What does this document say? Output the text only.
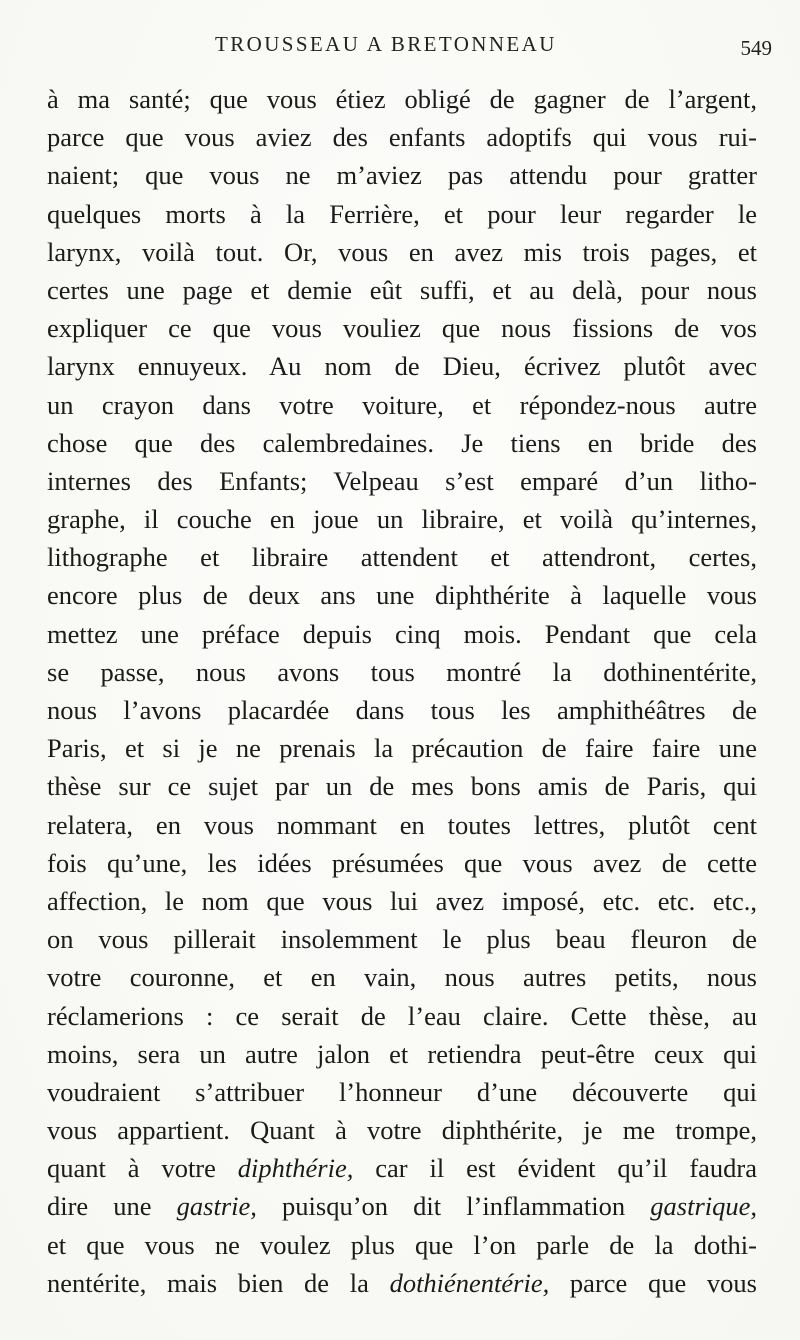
TROUSSEAU A BRETONNEAU	549
à ma santé; que vous étiez obligé de gagner de l’argent,
parce que vous aviez des enfants adoptifs qui vous rui-
naient; que vous ne m’aviez pas attendu pour gratter
quelques morts à la Ferrière, et pour leur regarder le
larynx, voilà tout. Or, vous en avez mis trois pages, et
certes une page et demie eût suffi, et au delà, pour nous
expliquer ce que vous vouliez que nous fissions de vos
larynx ennuyeux. Au nom de Dieu, écrivez plutôt avec
un crayon dans votre voiture, et répondez-nous autre
chose que des calembredaines. Je tiens en bride des
internes des Enfants; Velpeau s’est emparé d’un litho-
graphe, il couche en joue un libraire, et voilà qu’internes,
lithographe et libraire attendent et attendront, certes,
encore plus de deux ans une diphthérite à laquelle vous
mettez une préface depuis cinq mois. Pendant que cela
se passe, nous avons tous montré la dothinentérite,
nous l’avons placardée dans tous les amphithéâtres de
Paris, et si je ne prenais la précaution de faire faire une
thèse sur ce sujet par un de mes bons amis de Paris, qui
relatera, en vous nommant en toutes lettres, plutôt cent
fois qu’une, les idées présumées que vous avez de cette
affection, le nom que vous lui avez imposé, etc. etc. etc.,
on vous pillerait insolemment le plus beau fleuron de
votre couronne, et en vain, nous autres petits, nous
réclamerions : ce serait de l’eau claire. Cette thèse, au
moins, sera un autre jalon et retiendra peut-être ceux qui
voudraient s’attribuer l’honneur d’une découverte qui
vous appartient. Quant à votre diphthérite, je me trompe,
quant à votre diphthérie, car il est évident qu’il faudra
dire une gastrie, puisqu’on dit l’inflammation gastrique,
et que vous ne voulez plus que l’on parle de la dothi-
nentérite, mais bien de la dothiénentérie, parce que vous
